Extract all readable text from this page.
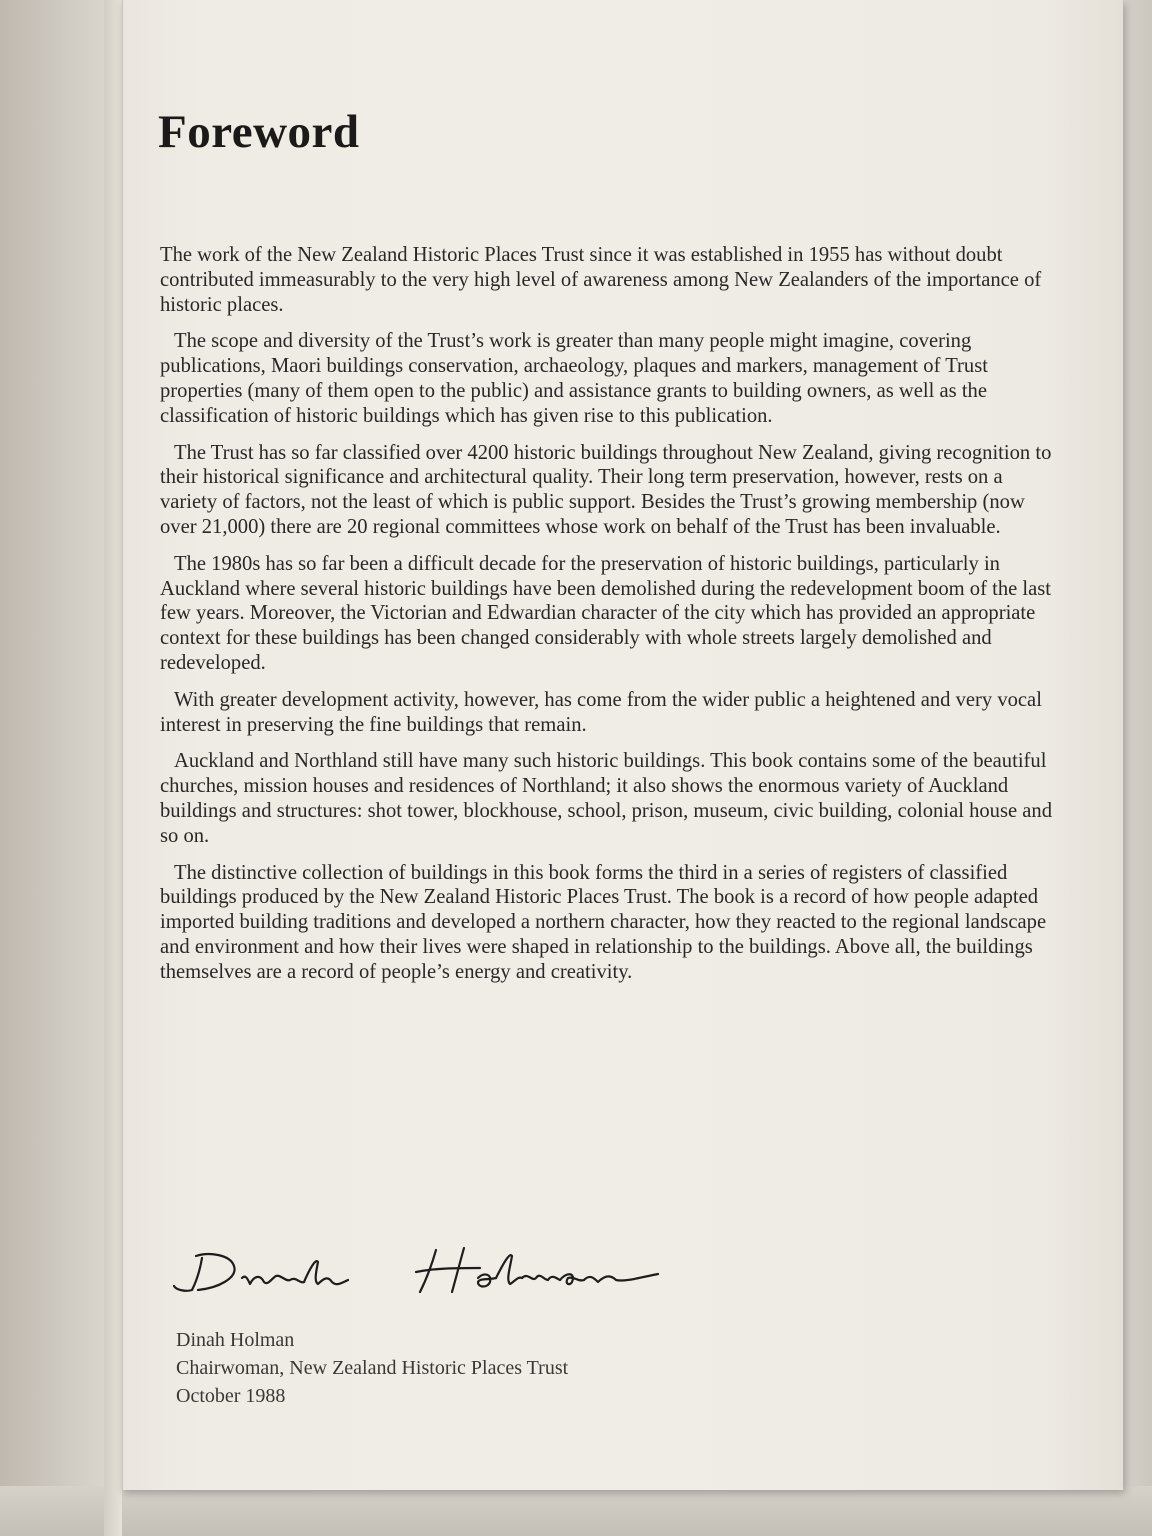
Foreword

The work of the New Zealand Historic Places Trust since it was established in 1955 has without doubt contributed immeasurably to the very high level of awareness among New Zealanders of the importance of historic places.

The scope and diversity of the Trust’s work is greater than many people might imagine, covering publications, Maori buildings conservation, archaeology, plaques and markers, management of Trust properties (many of them open to the public) and assistance grants to building owners, as well as the classification of historic buildings which has given rise to this publication.

The Trust has so far classified over 4200 historic buildings throughout New Zealand, giving recognition to their historical significance and architectural quality. Their long term preservation, however, rests on a variety of factors, not the least of which is public support. Besides the Trust’s growing membership (now over 21,000) there are 20 regional committees whose work on behalf of the Trust has been invaluable.

The 1980s has so far been a difficult decade for the preservation of historic buildings, particularly in Auckland where several historic buildings have been demolished during the redevelopment boom of the last few years. Moreover, the Victorian and Edwardian character of the city which has provided an appropriate context for these buildings has been changed considerably with whole streets largely demolished and redeveloped.

With greater development activity, however, has come from the wider public a heightened and very vocal interest in preserving the fine buildings that remain.

Auckland and Northland still have many such historic buildings. This book contains some of the beautiful churches, mission houses and residences of Northland; it also shows the enormous variety of Auckland buildings and structures: shot tower, blockhouse, school, prison, museum, civic building, colonial house and so on.

The distinctive collection of buildings in this book forms the third in a series of registers of classified buildings produced by the New Zealand Historic Places Trust. The book is a record of how people adapted imported building traditions and developed a northern character, how they reacted to the regional landscape and environment and how their lives were shaped in relationship to the buildings. Above all, the buildings themselves are a record of people’s energy and creativity.

Dinah Holman
Chairwoman, New Zealand Historic Places Trust
October 1988
